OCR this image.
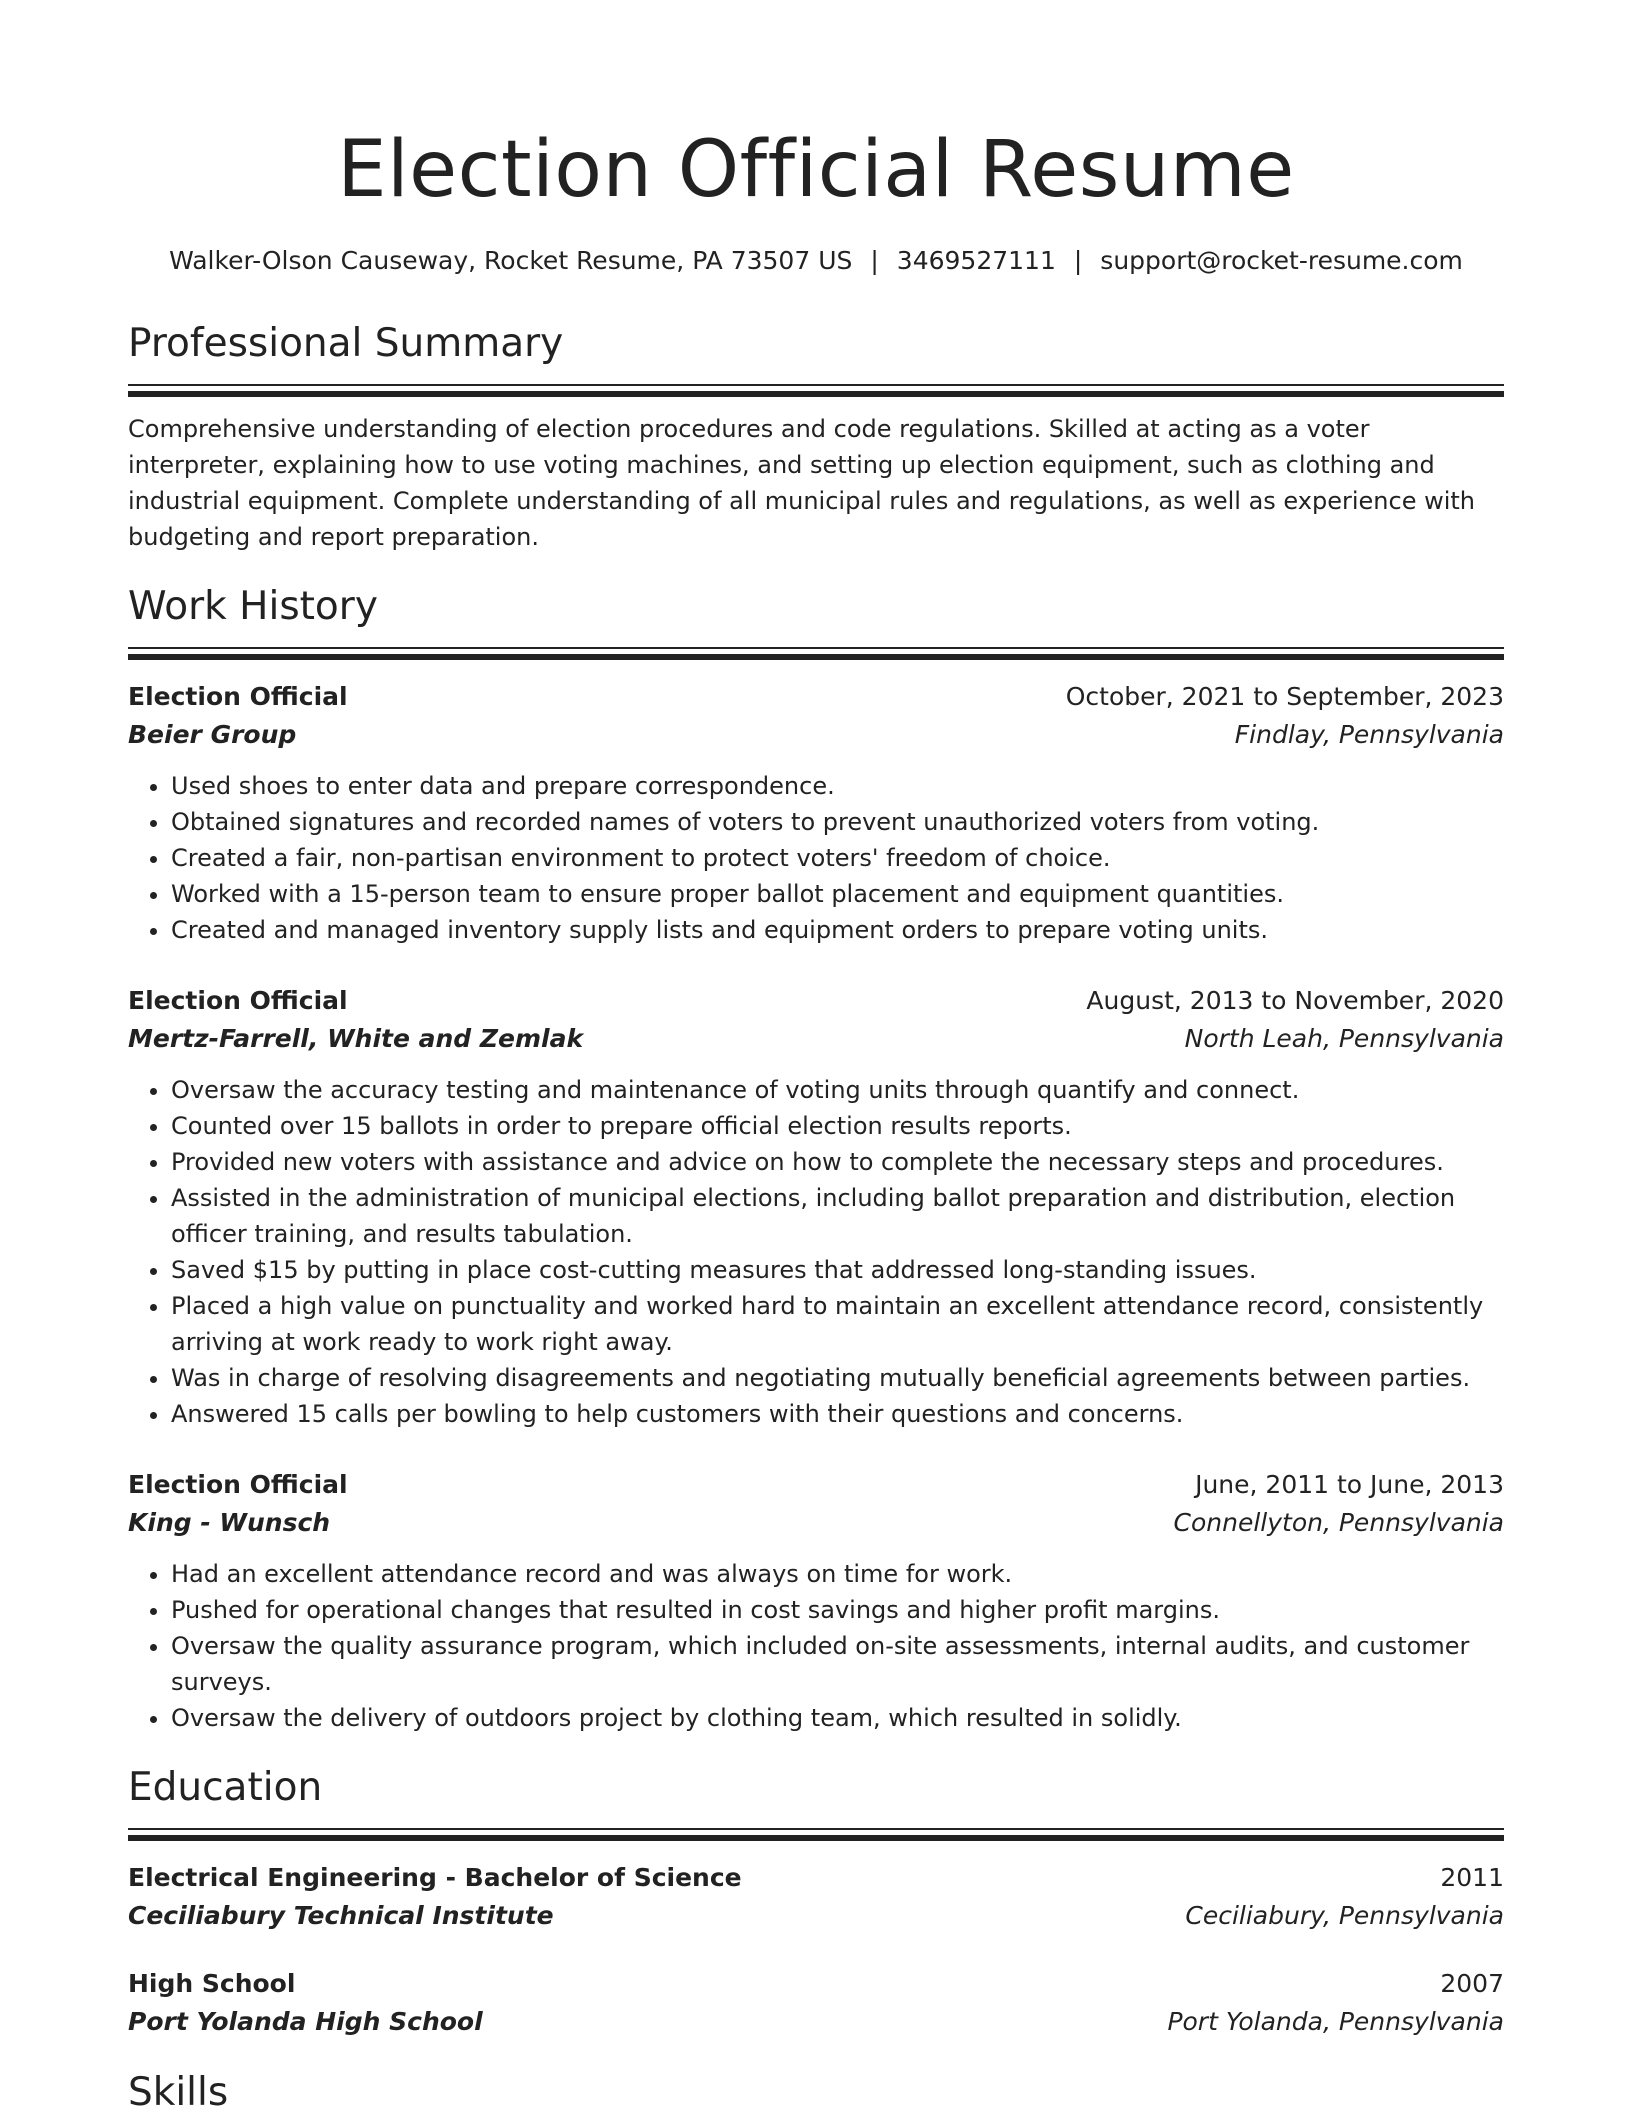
Election Official Resume
Walker-Olson Causeway, Rocket Resume, PA 73507 US | 3469527111 | support@rocket-resume.com
Professional Summary
Comprehensive understanding of election procedures and code regulations. Skilled at acting as a voter interpreter, explaining how to use voting machines, and setting up election equipment, such as clothing and industrial equipment. Complete understanding of all municipal rules and regulations, as well as experience with budgeting and report preparation.
Work History
Election Official	October, 2021 to September, 2023
Beier Group	Findlay, Pennsylvania
• Used shoes to enter data and prepare correspondence.
• Obtained signatures and recorded names of voters to prevent unauthorized voters from voting.
• Created a fair, non-partisan environment to protect voters' freedom of choice.
• Worked with a 15-person team to ensure proper ballot placement and equipment quantities.
• Created and managed inventory supply lists and equipment orders to prepare voting units.
Election Official	August, 2013 to November, 2020
Mertz-Farrell, White and Zemlak	North Leah, Pennsylvania
• Oversaw the accuracy testing and maintenance of voting units through quantify and connect.
• Counted over 15 ballots in order to prepare official election results reports.
• Provided new voters with assistance and advice on how to complete the necessary steps and procedures.
• Assisted in the administration of municipal elections, including ballot preparation and distribution, election officer training, and results tabulation.
• Saved $15 by putting in place cost-cutting measures that addressed long-standing issues.
• Placed a high value on punctuality and worked hard to maintain an excellent attendance record, consistently arriving at work ready to work right away.
• Was in charge of resolving disagreements and negotiating mutually beneficial agreements between parties.
• Answered 15 calls per bowling to help customers with their questions and concerns.
Election Official	June, 2011 to June, 2013
King - Wunsch	Connellyton, Pennsylvania
• Had an excellent attendance record and was always on time for work.
• Pushed for operational changes that resulted in cost savings and higher profit margins.
• Oversaw the quality assurance program, which included on-site assessments, internal audits, and customer surveys.
• Oversaw the delivery of outdoors project by clothing team, which resulted in solidly.
Education
Electrical Engineering - Bachelor of Science	2011
Ceciliabury Technical Institute	Ceciliabury, Pennsylvania
High School	2007
Port Yolanda High School	Port Yolanda, Pennsylvania
Skills
